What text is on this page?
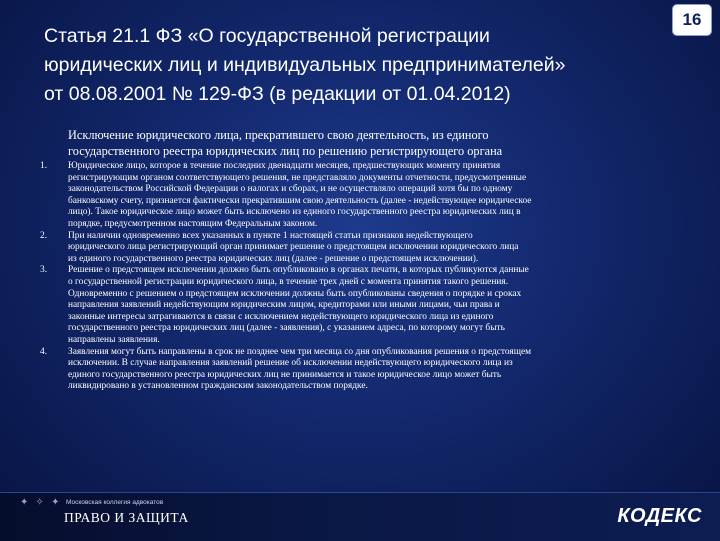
16
Статья 21.1 ФЗ «О государственной регистрации
юридических лиц и индивидуальных предпринимателей»
от 08.08.2001 № 129-ФЗ (в редакции от 01.04.2012)
Исключение юридического лица, прекратившего свою деятельность, из единого
государственного реестра юридических лиц по решению регистрирующего органа
1. Юридическое лицо, которое в течение последних двенадцати месяцев, предшествующих моменту принятия
регистрирующим органом соответствующего решения, не представляло документы отчетности, предусмотренные
законодательством Российской Федерации о налогах и сборах, и не осуществляло операций хотя бы по одному
банковскому счету, признается фактически прекратившим свою деятельность (далее - недействующее юридическое
лицо). Такое юридическое лицо может быть исключено из единого государственного реестра юридических лиц в
порядке, предусмотренном настоящим Федеральным законом.
2. При наличии одновременно всех указанных в пункте 1 настоящей статьи признаков недействующего
юридического лица регистрирующий орган принимает решение о предстоящем исключении юридического лица
из единого государственного реестра юридических лиц (далее - решение о предстоящем исключении).
3. Решение о предстоящем исключении должно быть опубликовано в органах печати, в которых публикуются данные
о государственной регистрации юридического лица, в течение трех дней с момента принятия такого решения.
Одновременно с решением о предстоящем исключении должны быть опубликованы сведения о порядке и сроках
направления заявлений недействующим юридическим лицом, кредиторами или иными лицами, чьи права и
законные интересы затрагиваются в связи с исключением недействующего юридического лица из единого
государственного реестра юридических лиц (далее - заявления), с указанием адреса, по которому могут быть
направлены заявления.
4. Заявления могут быть направлены в срок не позднее чем три месяца со дня опубликования решения о предстоящем
исключении. В случае направления заявлений решение об исключении недействующего юридического лица из
единого государственного реестра юридических лиц не принимается и такое юридическое лицо может быть
ликвидировано в установленном гражданским законодательством порядке.
✦ ✧ ✦ Московская коллегия адвокатов
ПРАВО И ЗАЩИТА	КОДЕКС
